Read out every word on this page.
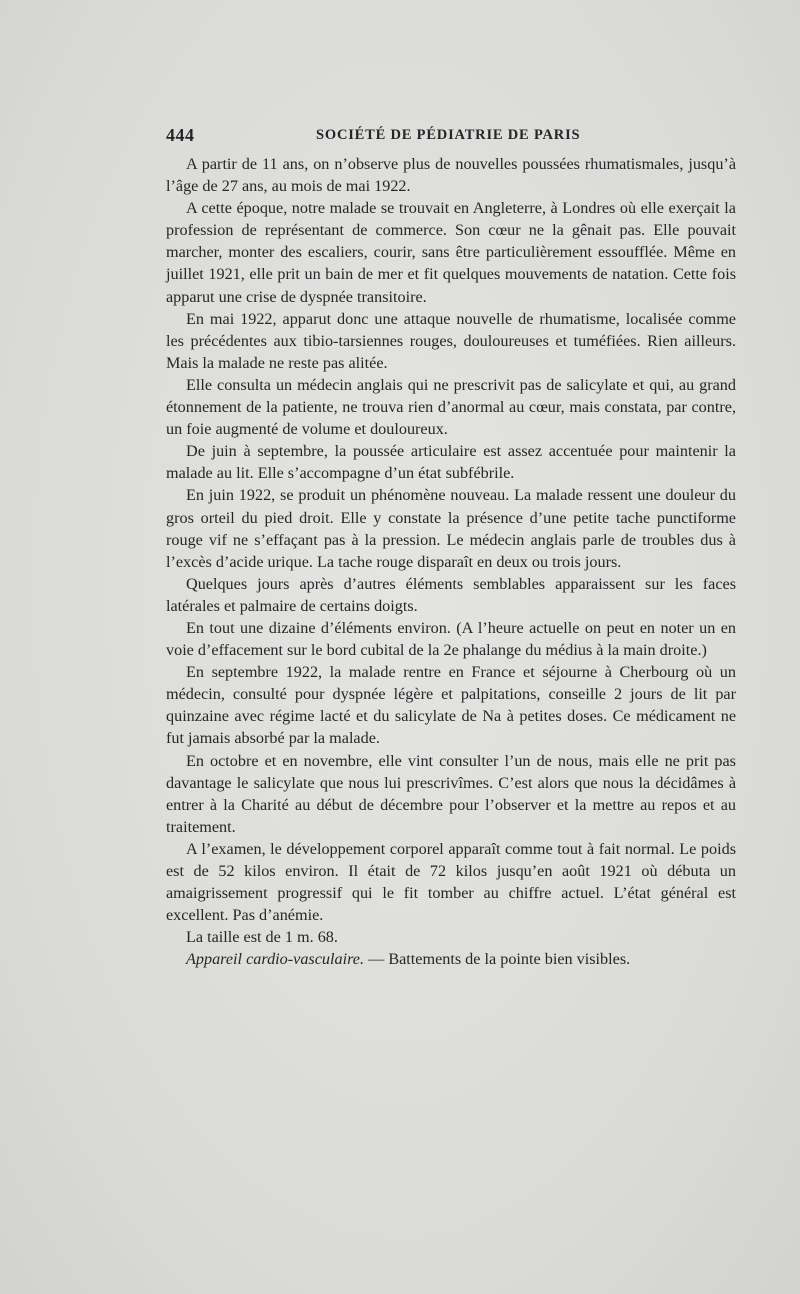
444	SOCIÉTÉ DE PÉDIATRIE DE PARIS

A partir de 11 ans, on n’observe plus de nouvelles poussées rhumatismales, jusqu’à l’âge de 27 ans, au mois de mai 1922.

A cette époque, notre malade se trouvait en Angleterre, à Londres où elle exerçait la profession de représentant de commerce. Son cœur ne la gênait pas. Elle pouvait marcher, monter des escaliers, courir, sans être particulièrement essoufflée. Même en juillet 1921, elle prit un bain de mer et fit quelques mouvements de natation. Cette fois apparut une crise de dyspnée transitoire.

En mai 1922, apparut donc une attaque nouvelle de rhumatisme, localisée comme les précédentes aux tibio-tarsiennes rouges, douloureuses et tuméfiées. Rien ailleurs. Mais la malade ne reste pas alitée.

Elle consulta un médecin anglais qui ne prescrivit pas de salicylate et qui, au grand étonnement de la patiente, ne trouva rien d’anormal au cœur, mais constata, par contre, un foie augmenté de volume et douloureux.

De juin à septembre, la poussée articulaire est assez accentuée pour maintenir la malade au lit. Elle s’accompagne d’un état subfébrile.

En juin 1922, se produit un phénomène nouveau. La malade ressent une douleur du gros orteil du pied droit. Elle y constate la présence d’une petite tache punctiforme rouge vif ne s’effaçant pas à la pression. Le médecin anglais parle de troubles dus à l’excès d’acide urique. La tache rouge disparaît en deux ou trois jours.

Quelques jours après d’autres éléments semblables apparaissent sur les faces latérales et palmaire de certains doigts.

En tout une dizaine d’éléments environ. (A l’heure actuelle on peut en noter un en voie d’effacement sur le bord cubital de la 2e phalange du médius à la main droite.)

En septembre 1922, la malade rentre en France et séjourne à Cherbourg où un médecin, consulté pour dyspnée légère et palpitations, conseille 2 jours de lit par quinzaine avec régime lacté et du salicylate de Na à petites doses. Ce médicament ne fut jamais absorbé par la malade.

En octobre et en novembre, elle vint consulter l’un de nous, mais elle ne prit pas davantage le salicylate que nous lui prescrivîmes. C’est alors que nous la décidâmes à entrer à la Charité au début de décembre pour l’observer et la mettre au repos et au traitement.

A l’examen, le développement corporel apparaît comme tout à fait normal. Le poids est de 52 kilos environ. Il était de 72 kilos jusqu’en août 1921 où débuta un amaigrissement progressif qui le fit tomber au chiffre actuel. L’état général est excellent. Pas d’anémie.

La taille est de 1 m. 68.

Appareil cardio-vasculaire. — Battements de la pointe bien visibles.
